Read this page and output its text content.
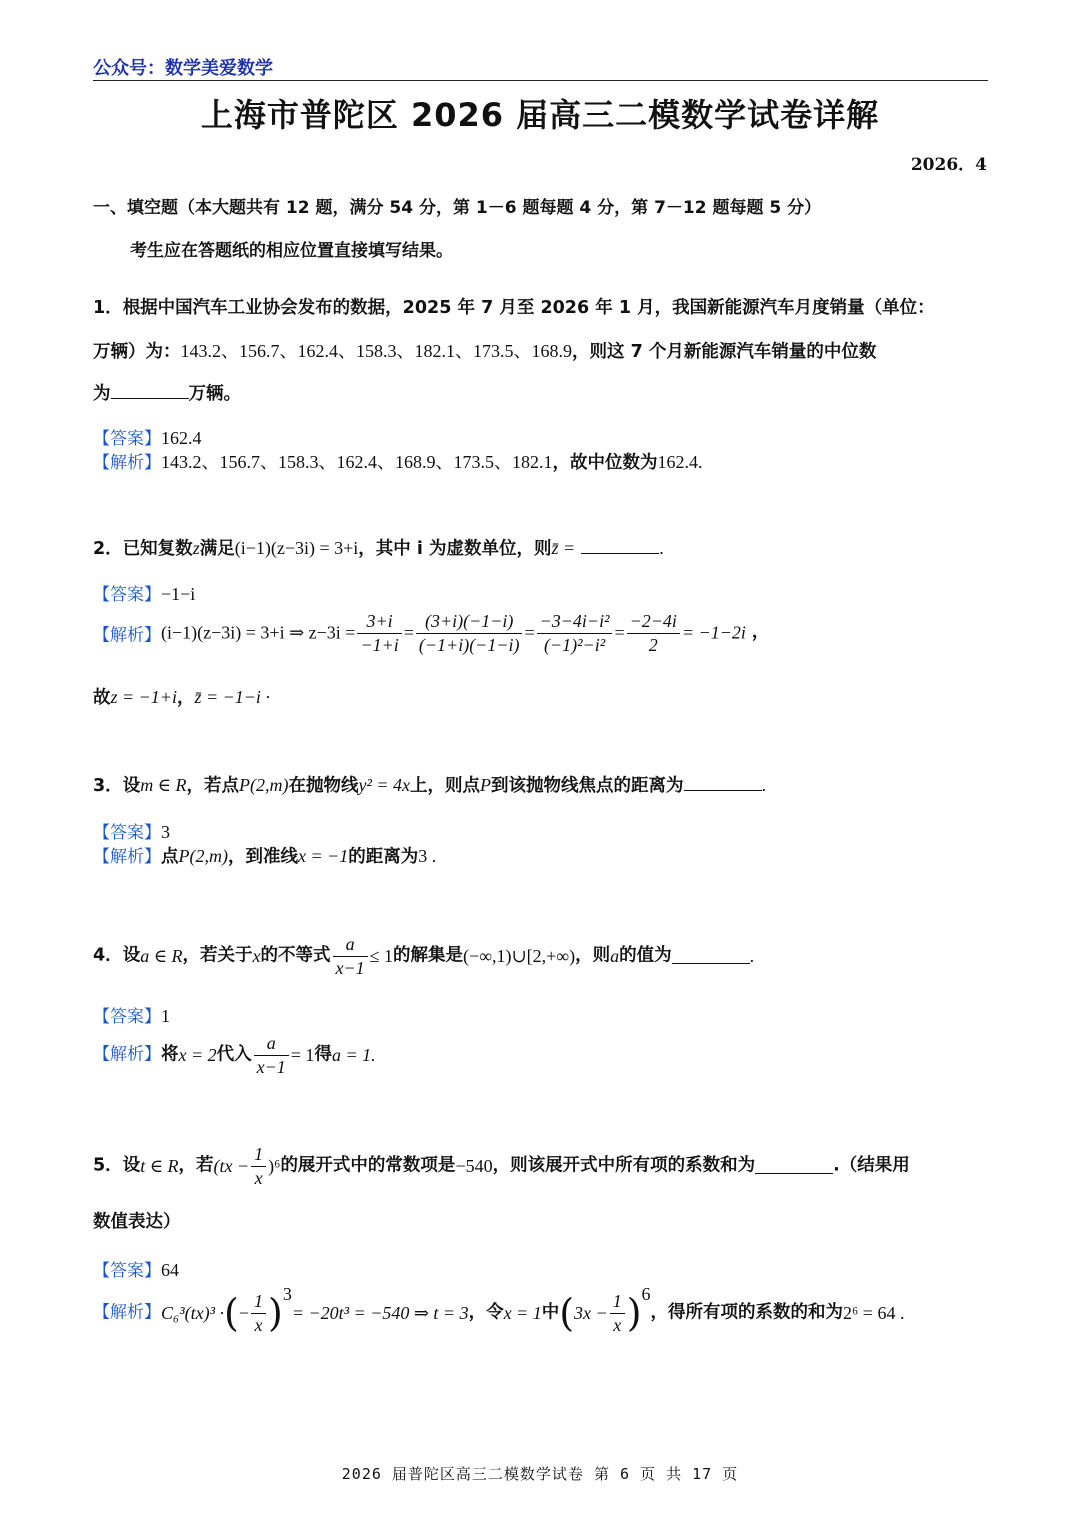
公众号：数学美爱数学
上海市普陀区 2026 届高三二模数学试卷详解
2026．4
一、填空题（本大题共有 12 题，满分 54 分，第 1－6 题每题 4 分，第 7－12 题每题 5 分）
考生应在答题纸的相应位置直接填写结果。
1．根据中国汽车工业协会发布的数据，2025 年 7 月至 2026 年 1 月，我国新能源汽车月度销量（单位：
万辆）为：143.2、156.7、162.4、158.3、182.1、173.5、168.9，则这 7 个月新能源汽车销量的中位数
为	万辆。
【答案】162.4
【解析】143.2、156.7、158.3、162.4、168.9、173.5、182.1，故中位数为162.4.
2．已知复数z满足(i−1)(z−3i) = 3+i，其中 i 为虚数单位，则z̄ =	.
【答案】−1−i
【解析】(i−1)(z−3i) = 3+i ⇒ $z-3i = \frac{3+i}{-1+i} = \frac{(3+i)(-1-i)}{(-1+i)(-1-i)} = \frac{\text{−3−4i−i²}}{\text{(−1)²−i²}} = \frac{-2-4i}{2} = -1-2i$ ，
故z = −1+i，z̄ = −1−i ·
3．设m ∈ R，若点P(2,m)在抛物线y² = 4x上，则点P到该抛物线焦点的距离为	.
【答案】3
【解析】点P(2,m)，到准线x = −1的距离为3 .
4．设a ∈ R，若关于x的不等式 $\frac{a}{x-1} \le 1$的解集是(−∞,1)∪[2,+∞)，则a的值为	.
【答案】1
【解析】将x = 2代入 $\frac{a}{x-1} = 1$得a = 1.
5．设t ∈ R，若$(tx - \frac{1}{x} )^6$的展开式中的常数项是−540，则该展开式中所有项的系数和为	.（结果用
数值表达）
【答案】64
【解析】C₆³(tx)³ ·(− $\frac{1}{x} )^3= -20t^3 = -540$ ⇒ t = 3，令x = 1中$(3x - \frac{1}{x} )^6$，得所有项的系数的和为2⁶ = 64 .
2026 届普陀区高三二模数学试卷 第 6 页 共 17 页
